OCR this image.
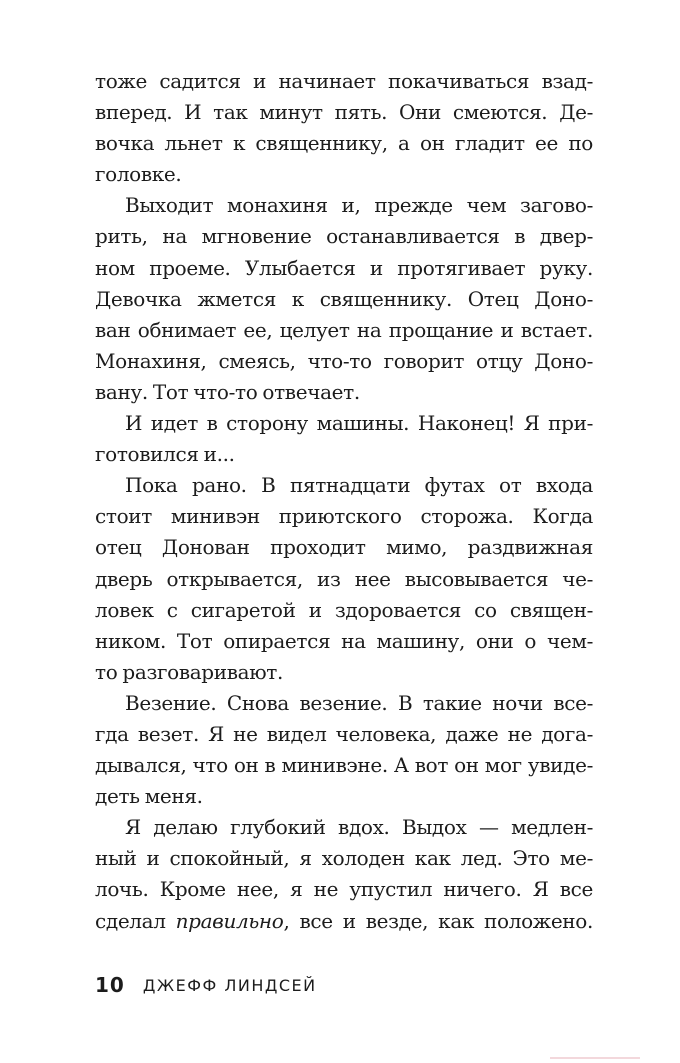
тоже садится и начинает покачиваться взад-
вперед. И так минут пять. Они смеются. Де-
вочка льнет к священнику, а он гладит ее по
головке.
Выходит монахиня и, прежде чем загово-
рить, на мгновение останавливается в двер-
ном проеме. Улыбается и протягивает руку.
Девочка жмется к священнику. Отец Донo-
ван обнимает ее, целует на прощание и встает.
Монахиня, смеясь, что-то говорит отцу Доно-
вану. Тот что-то отвечает.
И идет в сторону машины. Наконец! Я при-
готовился и...
Пока рано. В пятнадцати футах от входа
стоит минивэн приютского сторожа. Когда
отец Донован проходит мимо, раздвижная
дверь открывается, из нее высовывается че-
ловек с сигаретой и здоровается со священ-
ником. Тот опирается на машину, они о чем-
то разговаривают.
Везение. Снова везение. В такие ночи все-
гда везет. Я не видел человека, даже не дога-
дывался, что он в минивэне. А вот он мог увиде-
деть меня.
Я делаю глубокий вдох. Выдох — медлен-
ный и спокойный, я холоден как лед. Это ме-
лочь. Кроме нее, я не упустил ничего. Я все
сделал правильно, все и везде, как положено.
10 ДЖЕФФ ЛИНДСЕЙ
